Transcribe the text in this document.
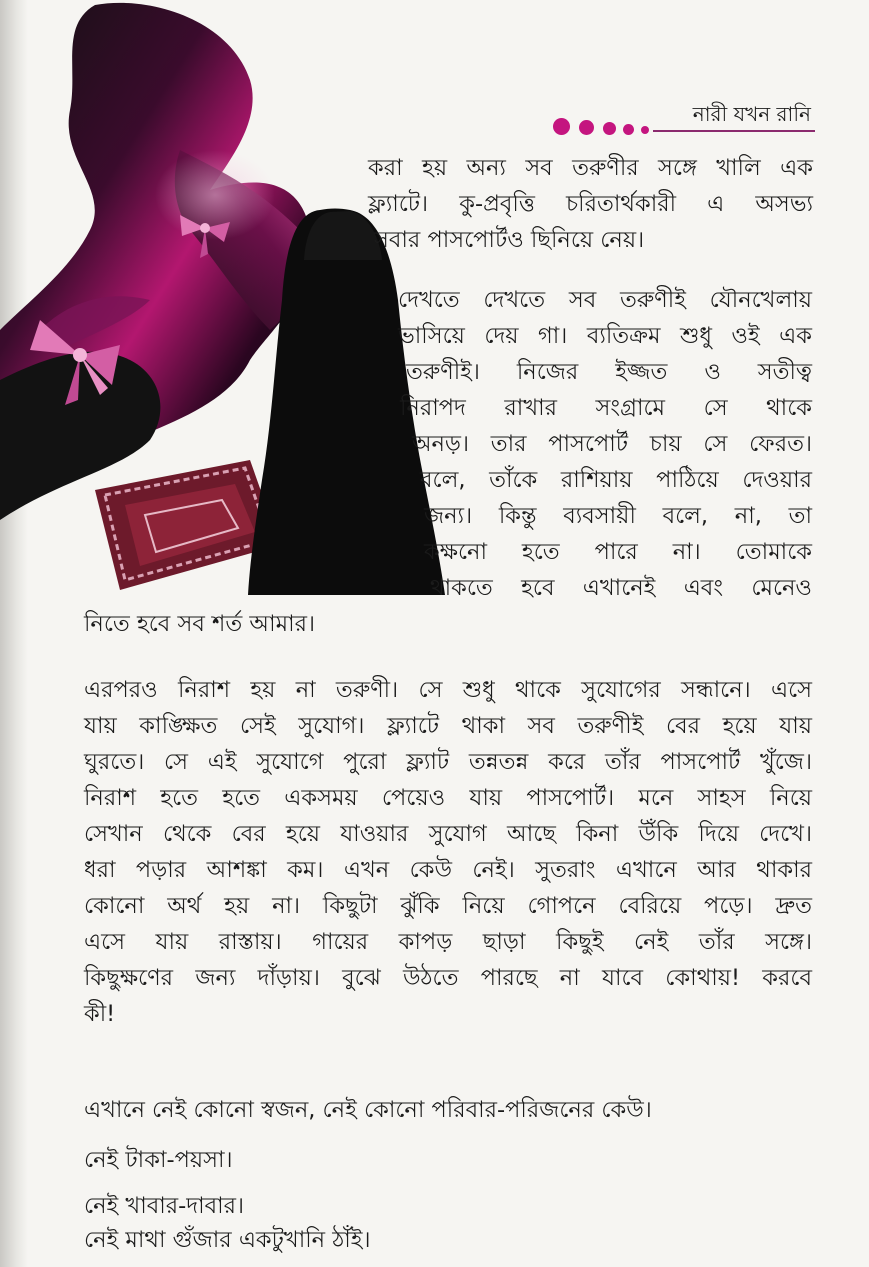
নারী যখন রানি

করা হয় অন্য সব তরুণীর সঙ্গে খালি এক
ফ্ল্যাটে। কু-প্রবৃত্তি চরিতার্থকারী এ অসভ্য
সবার পাসপোর্টও ছিনিয়ে নেয়।

দেখতে দেখতে সব তরুণীই যৌনখেলায়
ভাসিয়ে দেয় গা। ব্যতিক্রম শুধু ওই এক
তরুণীই। নিজের ইজ্জত ও সতীত্ব
নিরাপদ রাখার সংগ্রামে সে থাকে
অনড়। তার পাসপোর্ট চায় সে ফেরত।
বলে, তাঁকে রাশিয়ায় পাঠিয়ে দেওয়ার
জন্য। কিন্তু ব্যবসায়ী বলে, না, তা
কক্ষনো হতে পারে না। তোমাকে
থাকতে হবে এখানেই এবং মেনেও
নিতে হবে সব শর্ত আমার।

এরপরও নিরাশ হয় না তরুণী। সে শুধু থাকে সুযোগের সন্ধানে। এসে
যায় কাঙ্ক্ষিত সেই সুযোগ। ফ্ল্যাটে থাকা সব তরুণীই বের হয়ে যায়
ঘুরতে। সে এই সুযোগে পুরো ফ্ল্যাট তন্নতন্ন করে তাঁর পাসপোর্ট খুঁজে।
নিরাশ হতে হতে একসময় পেয়েও যায় পাসপোর্ট। মনে সাহস নিয়ে
সেখান থেকে বের হয়ে যাওয়ার সুযোগ আছে কিনা উঁকি দিয়ে দেখে।
ধরা পড়ার আশঙ্কা কম। এখন কেউ নেই। সুতরাং এখানে আর থাকার
কোনো অর্থ হয় না। কিছুটা ঝুঁকি নিয়ে গোপনে বেরিয়ে পড়ে। দ্রুত
এসে যায় রাস্তায়। গায়ের কাপড় ছাড়া কিছুই নেই তাঁর সঙ্গে।
কিছুক্ষণের জন্য দাঁড়ায়। বুঝে উঠতে পারছে না যাবে কোথায়! করবে
কী!

এখানে নেই কোনো স্বজন, নেই কোনো পরিবার-পরিজনের কেউ।

নেই টাকা-পয়সা।

নেই খাবার-দাবার।

নেই মাথা গুঁজার একটুখানি ঠাঁই।
